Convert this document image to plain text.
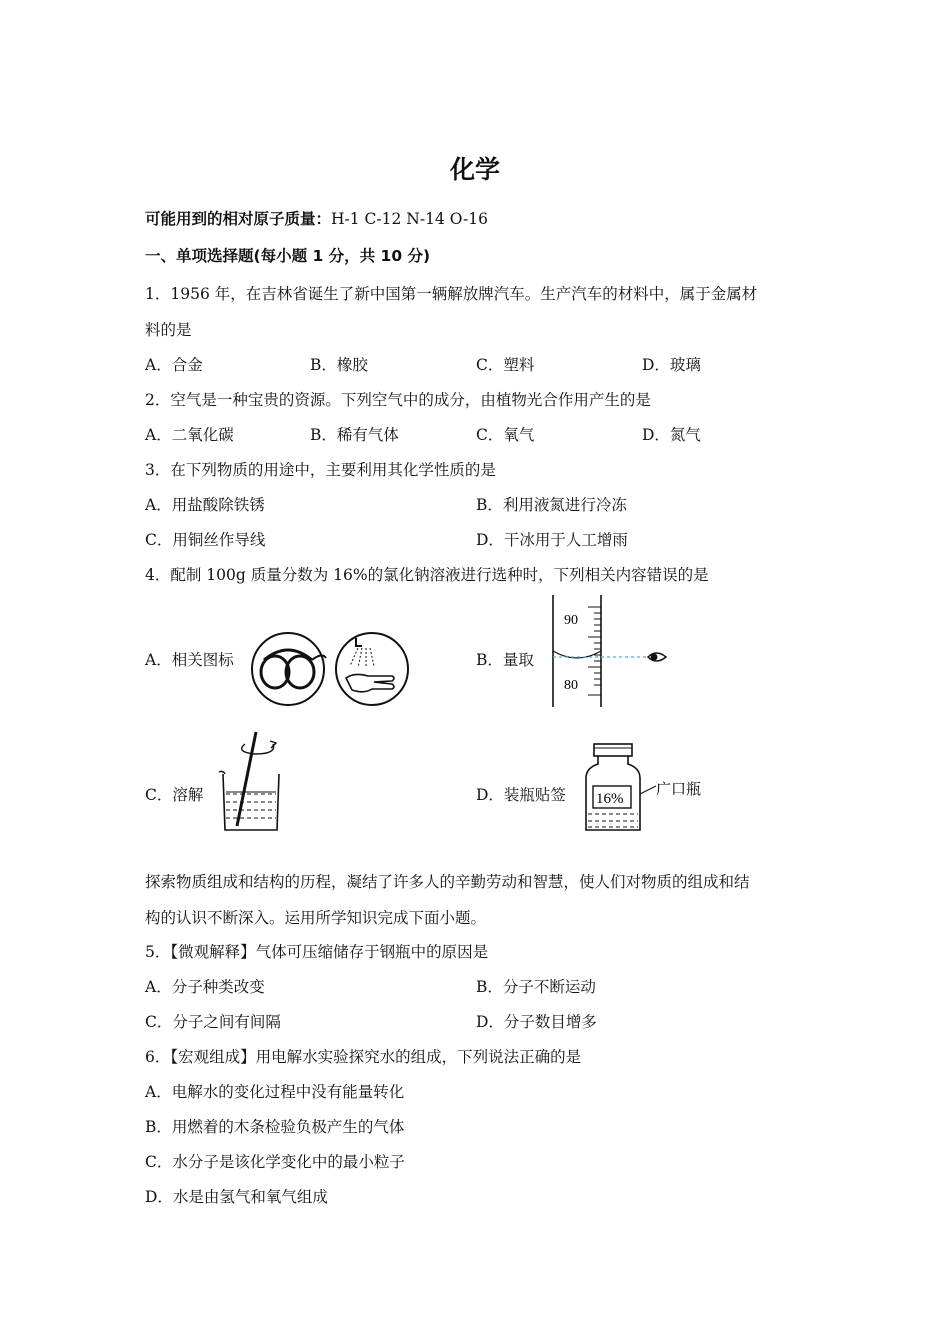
化学
可能用到的相对原子质量：H-1 C-12 N-14 O-16
一、单项选择题(每小题 1 分，共 10 分)
1．1956 年，在吉林省诞生了新中国第一辆解放牌汽车。生产汽车的材料中，属于金属材
料的是
A．合金	B．橡胶	C．塑料	D．玻璃
2．空气是一种宝贵的资源。下列空气中的成分，由植物光合作用产生的是
A．二氧化碳	B．稀有气体	C．氧气	D．氮气
3．在下列物质的用途中，主要利用其化学性质的是
A．用盐酸除铁锈	B．利用液氮进行冷冻
C．用铜丝作导线	D．干冰用于人工增雨
4．配制 100g 质量分数为 16%的氯化钠溶液进行选种时，下列相关内容错误的是
A．相关图标	B．量取
90
80
C．溶解	D．装瓶贴签 16%
广口瓶
探索物质组成和结构的历程，凝结了许多人的辛勤劳动和智慧，使人们对物质的组成和结
构的认识不断深入。运用所学知识完成下面小题。
5．【微观解释】气体可压缩储存于钢瓶中的原因是
A．分子种类改变	B．分子不断运动
C．分子之间有间隔	D．分子数目增多
6．【宏观组成】用电解水实验探究水的组成，下列说法正确的是
A．电解水的变化过程中没有能量转化
B．用燃着的木条检验负极产生的气体
C．水分子是该化学变化中的最小粒子
D．水是由氢气和氧气组成
